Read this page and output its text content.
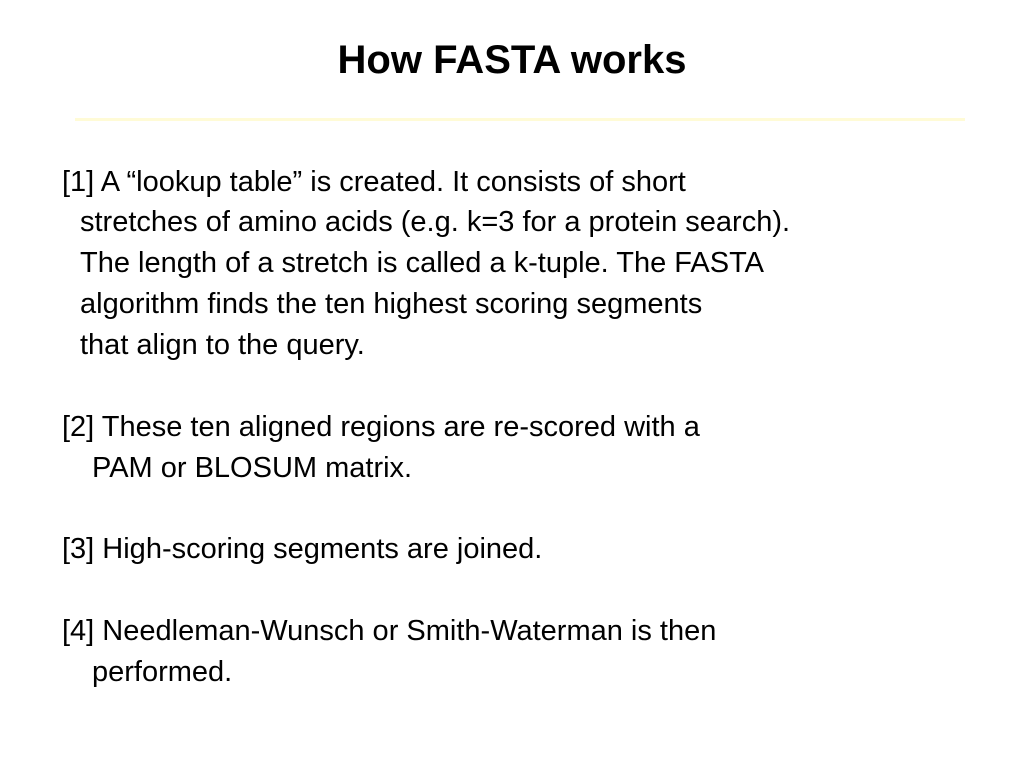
How FASTA works

[1] A “lookup table” is created. It consists of short

stretches of amino acids (e.g. k=3 for a protein search).

The length of a stretch is called a k-tuple. The FASTA

algorithm finds the ten highest scoring segments

that align to the query.

[2] These ten aligned regions are re-scored with a

PAM or BLOSUM matrix.

[3] High-scoring segments are joined.

[4] Needleman-Wunsch or Smith-Waterman is then

performed.
